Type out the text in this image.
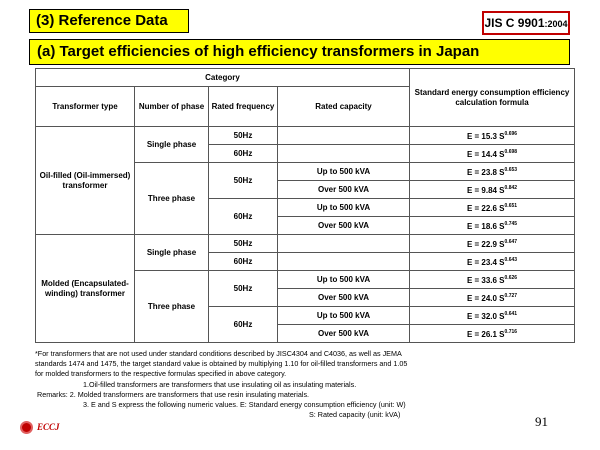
(3) Reference Data	JIS C 9901:2004
(a) Target efficiencies of high efficiency transformers in Japan
Category				Standard energy consumption efficiency calculation formula
Transformer type	Number of phase	Rated frequency	Rated capacity	
Oil-filled (Oil-immersed) transformer	Single phase	50Hz		E = 15.3 $S^{0.696}$
		60Hz		E = 14.4 $S^{0.698}$
	Three phase	50Hz	Up to 500 kVA	E = 23.8 $S^{0.653}$
			Over 500 kVA	E = 9.84 $S^{0.842}$
		60Hz	Up to 500 kVA	E = 22.6 $S^{0.651}$
			Over 500 kVA	E = 18.6 $S^{0.745}$
Molded (Encapsulated-winding) transformer	Single phase	50Hz		E = 22.9 $S^{0.647}$
		60Hz		E = 23.4 $S^{0.643}$
	Three phase	50Hz	Up to 500 kVA	E = 33.6 $S^{0.626}$
			Over 500 kVA	E = 24.0 $S^{0.727}$
		60Hz	Up to 500 kVA	E = 32.0 $S^{0.641}$
			Over 500 kVA	E = 26.1 $S^{0.716}$
*For transformers that are not used under standard conditions described by JISC4304 and C4036, as well as JEMA
standards 1474 and 1475, the target standard value is obtained by multiplying 1.10 for oil-filled transformers and 1.05
for molded transformers to the respective formulas specified in above category.
1.Oil-filled transformers are transformers that use insulating oil as insulating materials.
Remarks: 2. Molded transformers are transformers that use resin insulating materials.
3. E and S express the following numeric values. E: Standard energy consumption efficiency (unit: W)
S: Rated capacity (unit: kVA)
ECCJ	91
